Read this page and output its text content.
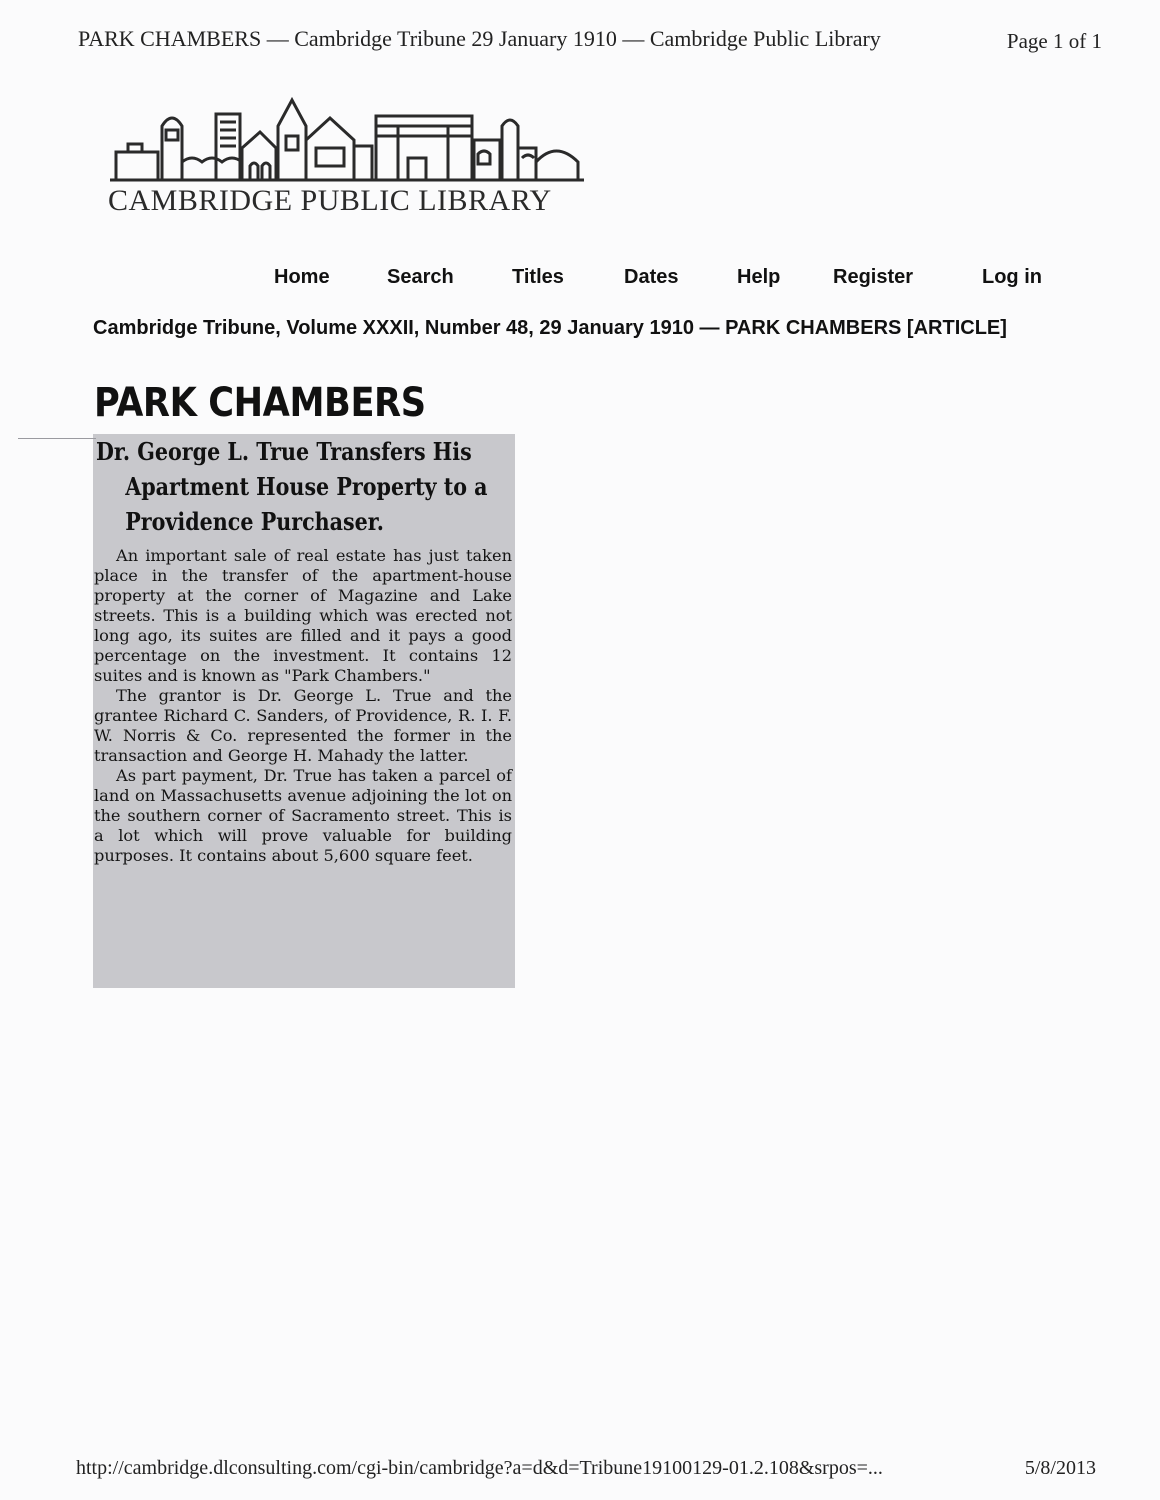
PARK CHAMBERS — Cambridge Tribune 29 January 1910 — Cambridge Public Library	Page 1 of 1
CAMBRIDGE PUBLIC LIBRARY
Home	Search	Titles	Dates	Help	Register	Log in
Cambridge Tribune, Volume XXXII, Number 48, 29 January 1910 — PARK CHAMBERS [ARTICLE]
PARK CHAMBERS
Dr. George L. True Transfers His
Apartment House Property to a
Providence Purchaser.

An important sale of real estate has just taken place in the transfer of the apartment-house property at the corner of Magazine and Lake streets. This is a building which was erected not long ago, its suites are filled and it pays a good percentage on the investment. It contains 12 suites and is known as "Park Chambers."

The grantor is Dr. George L. True and the grantee Richard C. Sanders, of Providence, R. I. F. W. Norris & Co. represented the former in the transaction and George H. Mahady the latter.

As part payment, Dr. True has taken a parcel of land on Massachusetts avenue adjoining the lot on the southern corner of Sacramento street. This is a lot which will prove valuable for building purposes. It contains about 5,600 square feet.

http://cambridge.dlconsulting.com/cgi-bin/cambridge?a=d&d=Tribune19100129-01.2.108&srpos=...	5/8/2013
